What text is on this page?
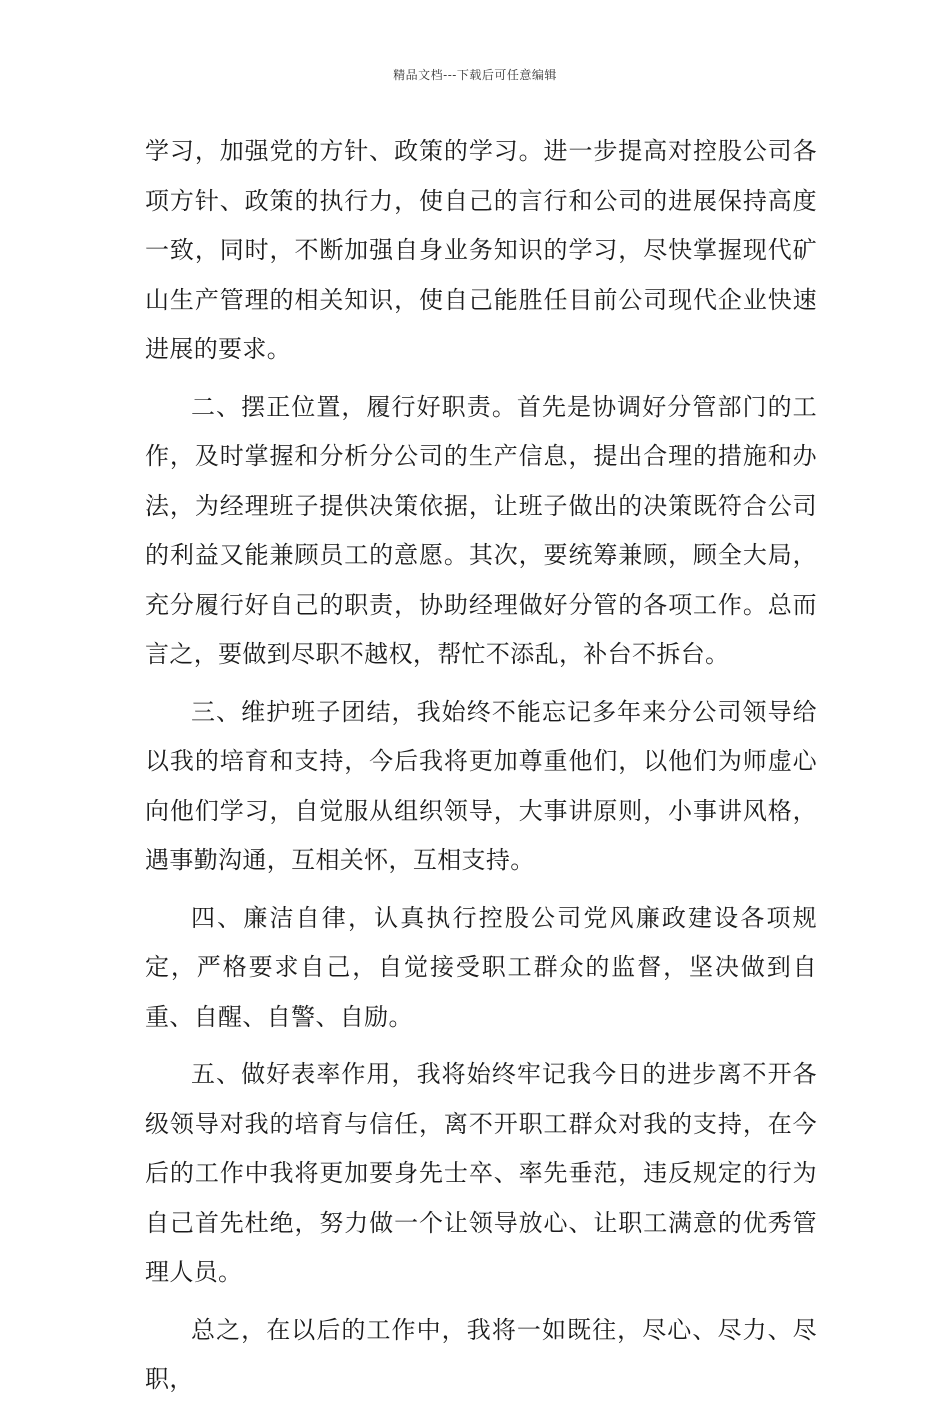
精品文档---下载后可任意编辑

学习，加强党的方针、政策的学习。进一步提高对控股公司各项方针、政策的执行力，使自己的言行和公司的进展保持高度一致，同时，不断加强自身业务知识的学习，尽快掌握现代矿山生产管理的相关知识，使自己能胜任目前公司现代企业快速进展的要求。

二、摆正位置，履行好职责。首先是协调好分管部门的工作，及时掌握和分析分公司的生产信息，提出合理的措施和办法，为经理班子提供决策依据，让班子做出的决策既符合公司的利益又能兼顾员工的意愿。其次，要统筹兼顾，顾全大局，充分履行好自己的职责，协助经理做好分管的各项工作。总而言之，要做到尽职不越权，帮忙不添乱，补台不拆台。

三、维护班子团结，我始终不能忘记多年来分公司领导给以我的培育和支持，今后我将更加尊重他们，以他们为师虚心向他们学习，自觉服从组织领导，大事讲原则，小事讲风格，遇事勤沟通，互相关怀，互相支持。

四、廉洁自律，认真执行控股公司党风廉政建设各项规定，严格要求自己，自觉接受职工群众的监督，坚决做到自重、自醒、自警、自励。

五、做好表率作用，我将始终牢记我今日的进步离不开各级领导对我的培育与信任，离不开职工群众对我的支持，在今后的工作中我将更加要身先士卒、率先垂范，违反规定的行为自己首先杜绝，努力做一个让领导放心、让职工满意的优秀管理人员。

总之，在以后的工作中，我将一如既往，尽心、尽力、尽职，
